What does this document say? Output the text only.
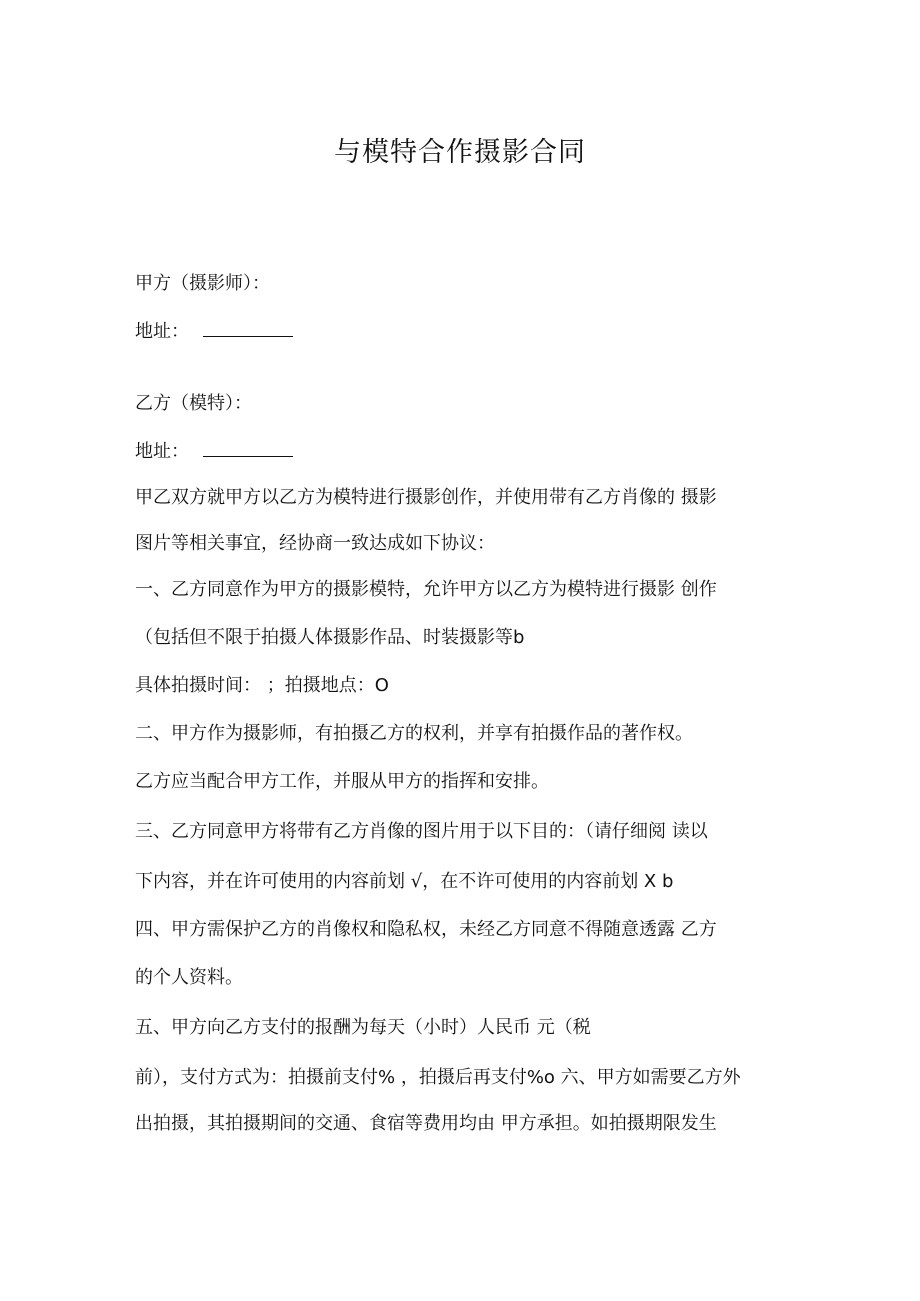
与模特合作摄影合同
甲方（摄影师）：
地址：
乙方（模特）：
地址：
甲乙双方就甲方以乙方为模特进行摄影创作，并使用带有乙方肖像的 摄影
图片等相关事宜，经协商一致达成如下协议：
一、乙方同意作为甲方的摄影模特，允许甲方以乙方为模特进行摄影 创作
（包括但不限于拍摄人体摄影作品、时装摄影等b
具体拍摄时间： ；拍摄地点：O
二、甲方作为摄影师，有拍摄乙方的权利，并享有拍摄作品的著作权。
乙方应当配合甲方工作，并服从甲方的指挥和安排。
三、乙方同意甲方将带有乙方肖像的图片用于以下目的：（请仔细阅 读以
下内容，并在许可使用的内容前划 √，在不许可使用的内容前划 X b
四、甲方需保护乙方的肖像权和隐私权，未经乙方同意不得随意透露 乙方
的个人资料。
五、甲方向乙方支付的报酬为每天（小时）人民币 元（税
前），支付方式为：拍摄前支付% ，拍摄后再支付%o 六、甲方如需要乙方外
出拍摄，其拍摄期间的交通、食宿等费用均由 甲方承担。如拍摄期限发生
